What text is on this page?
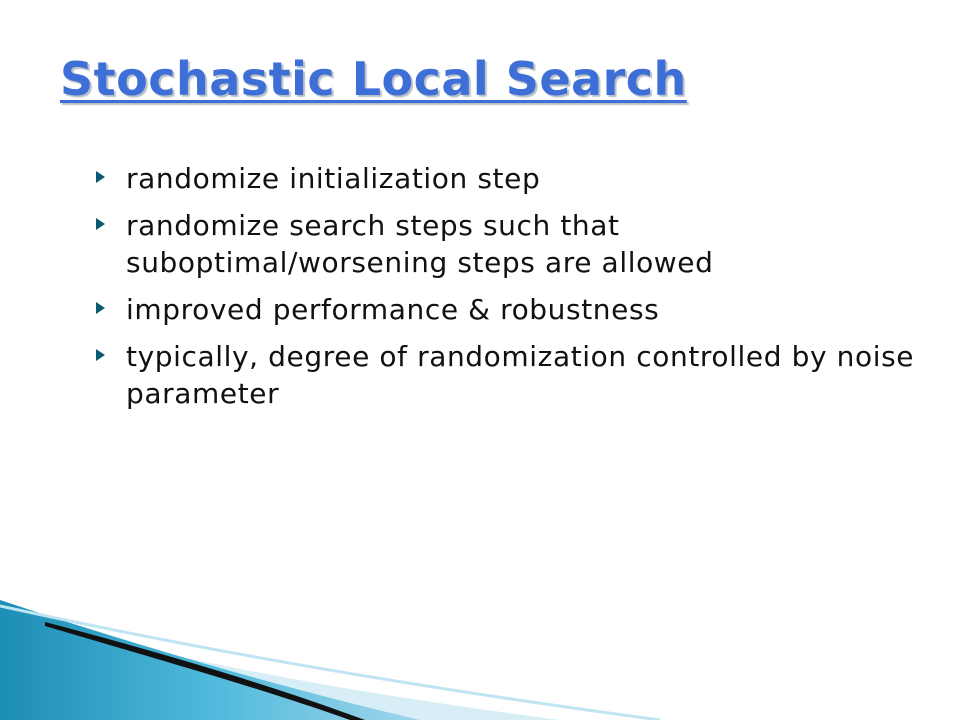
Stochastic Local Search
randomize initialization step
randomize search steps such that suboptimal/worsening steps are allowed
improved performance & robustness
typically, degree of randomization controlled by noise parameter
